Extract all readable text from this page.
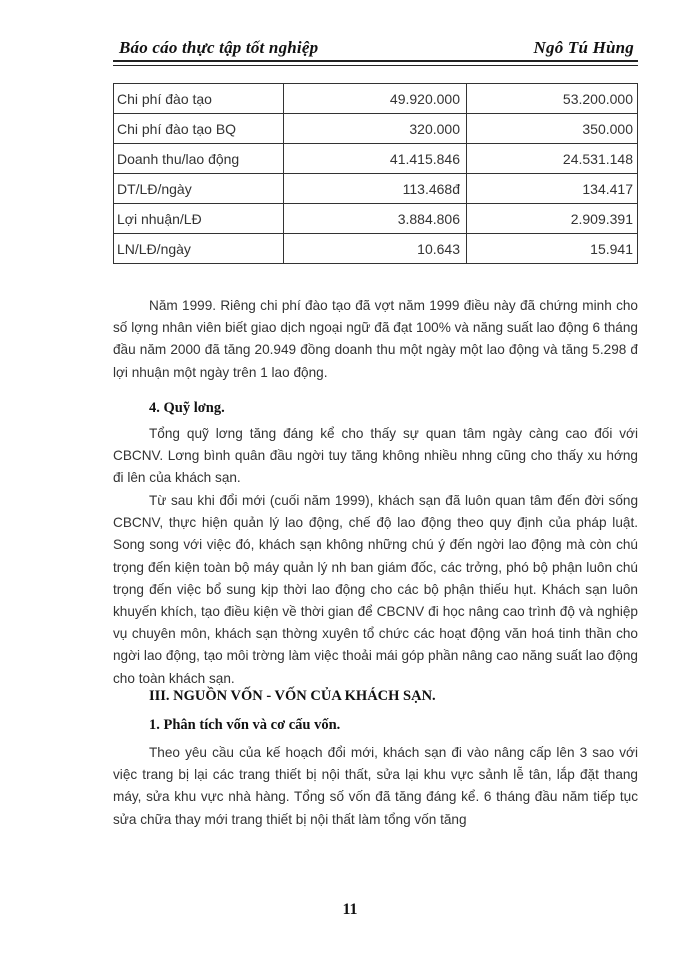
Báo cáo thực tập tốt nghiệp	Ngô Tú Hùng
Chi phí đào tạo	49.920.000	53.200.000
Chi phí đào tạo BQ	320.000	350.000
Doanh thu/lao động	41.415.846	24.531.148
DT/LĐ/ngày	113.468đ	134.417
Lợi nhuận/LĐ	3.884.806	2.909.391
LN/LĐ/ngày	10.643	15.941

Năm 1999. Riêng chi phí đào tạo đã vợt năm 1999 điều này đã chứng minh cho số lợng nhân viên biết giao dịch ngoại ngữ đã đạt 100% và năng suất lao động 6 tháng đầu năm 2000 đã tăng 20.949 đồng doanh thu một ngày một lao động và tăng 5.298 đ lợi nhuận một ngày trên 1 lao động.

4. Quỹ lơng.

Tổng quỹ lơng tăng đáng kể cho thấy sự quan tâm ngày càng cao đối với CBCNV. Lơng bình quân đầu ngời tuy tăng không nhiều nhng cũng cho thấy xu hớng đi lên của khách sạn.

Từ sau khi đổi mới (cuối năm 1999), khách sạn đã luôn quan tâm đến đời sống CBCNV, thực hiện quản lý lao động, chế độ lao động theo quy định của pháp luật. Song song với việc đó, khách sạn không những chú ý đến ngời lao động mà còn chú trọng đến kiện toàn bộ máy quản lý nh ban giám đốc, các trởng, phó bộ phận luôn chú trọng đến việc bổ sung kịp thời lao động cho các bộ phận thiếu hụt. Khách sạn luôn khuyến khích, tạo điều kiện về thời gian để CBCNV đi học nâng cao trình độ và nghiệp vụ chuyên môn, khách sạn thờng xuyên tổ chức các hoạt động văn hoá tinh thần cho ngời lao động, tạo môi trờng làm việc thoải mái góp phần nâng cao năng suất lao động cho toàn khách sạn.

III. NGUỒN VỐN - VỐN CỦA KHÁCH SẠN.
1. Phân tích vốn và cơ cấu vốn.

Theo yêu cầu của kế hoạch đổi mới, khách sạn đi vào nâng cấp lên 3 sao với việc trang bị lại các trang thiết bị nội thất, sửa lại khu vực sảnh lễ tân, lắp đặt thang máy, sửa khu vực nhà hàng. Tổng số vốn đã tăng đáng kể. 6 tháng đầu năm tiếp tục sửa chữa thay mới trang thiết bị nội thất làm tổng vốn tăng

11
